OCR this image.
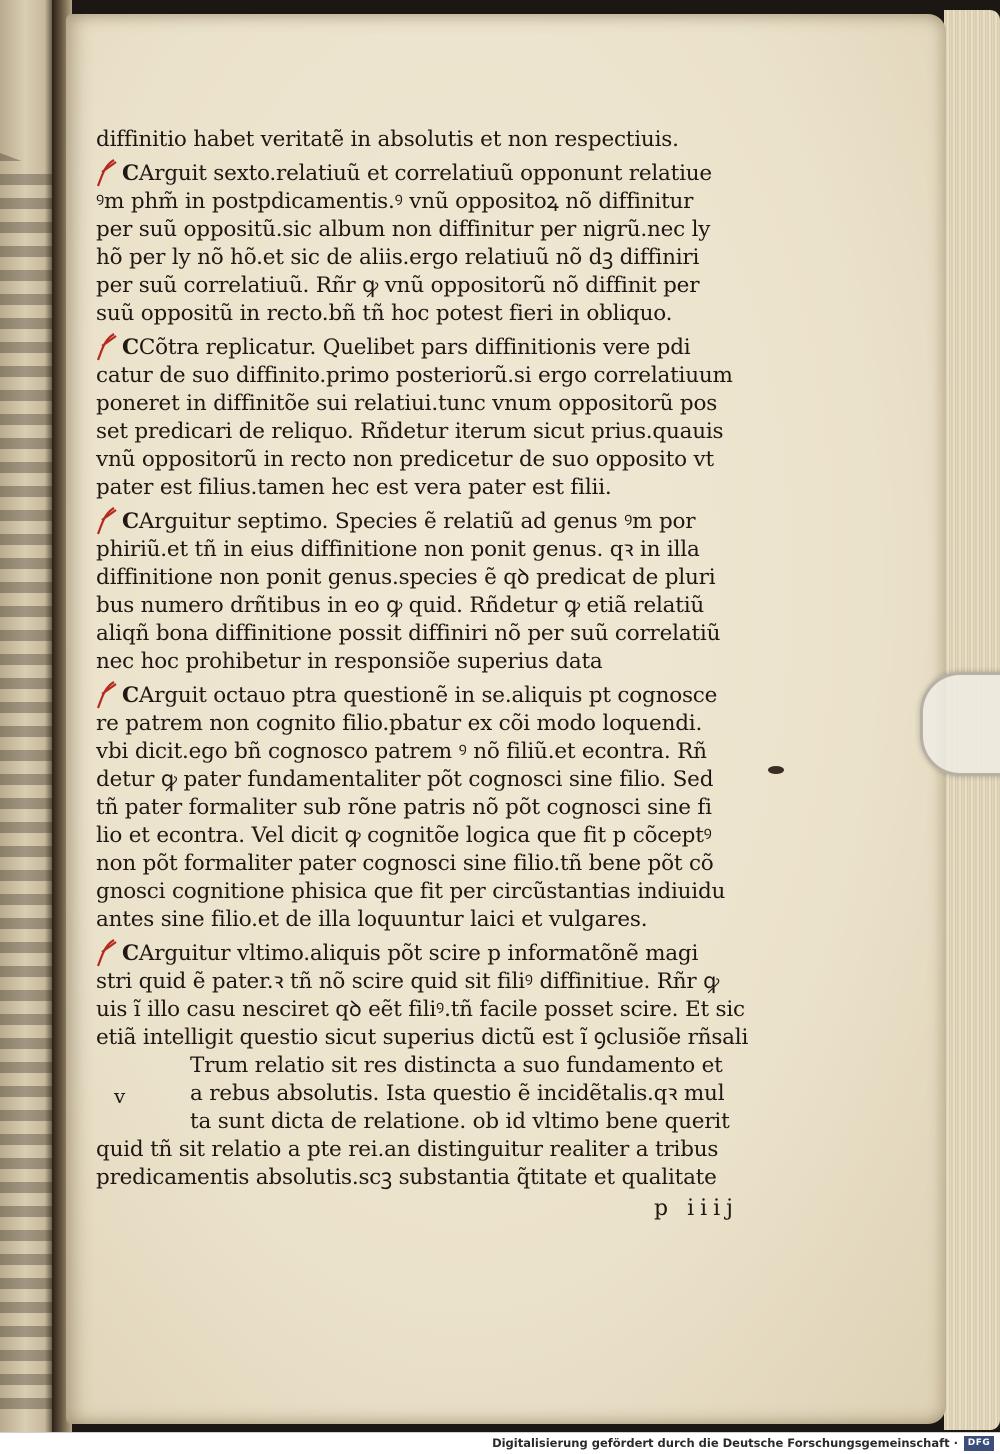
diffinitio habet veritatẽ in absolutis et non respectiuis.
CArguit sexto.relatiuũ et correlatiuũ opponunt relatiue
ꝰm phm̃ in postpdicamentis.ꝰ vnũ oppositoꝝ nõ diffinitur
per suũ oppositũ.sic album non diffinitur per nigrũ.nec ly
hõ per ly nõ hõ.et sic de aliis.ergo relatiuũ nõ dꝫ diffiniri
per suũ correlatiuũ. Rñr ꝙ vnũ oppositorũ nõ diffinit per
suũ oppositũ in recto.bñ tñ hoc potest fieri in obliquo.
CCõtra replicatur. Quelibet pars diffinitionis vere pdi
catur de suo diffinito.primo posteriorũ.si ergo correlatiuum
poneret in diffinitõe sui relatiui.tunc vnum oppositorũ pos
set predicari de reliquo. Rñdetur iterum sicut prius.quauis
vnũ oppositorũ in recto non predicetur de suo opposito vt
pater est filius.tamen hec est vera pater est filii.
CArguitur septimo. Species ẽ relatiũ ad genus ꝰm por
phiriũ.et tñ in eius diffinitione non ponit genus. qꝛ in illa
diffinitione non ponit genus.species ẽ qꝺ predicat de pluri
bus numero drñtibus in eo ꝙ quid. Rñdetur ꝙ etiã relatiũ
aliqñ bona diffinitione possit diffiniri nõ per suũ correlatiũ
nec hoc prohibetur in responsiõe superius data
CArguit octauo ptra questionẽ in se.aliquis pt cognosce
re patrem non cognito filio.pbatur ex cõi modo loquendi.
vbi dicit.ego bñ cognosco patrem ꝰ nõ filiũ.et econtra. Rñ
detur ꝙ pater fundamentaliter põt cognosci sine filio. Sed
tñ pater formaliter sub rõne patris nõ põt cognosci sine fi
lio et econtra. Vel dicit ꝙ cognitõe logica que fit p cõceptꝰ
non põt formaliter pater cognosci sine filio.tñ bene põt cõ
gnosci cognitione phisica que fit per circũstantias indiuidu
antes sine filio.et de illa loquuntur laici et vulgares.
CArguitur vltimo.aliquis põt scire p informatõnẽ magi
stri quid ẽ pater.ꝛ tñ nõ scire quid sit filiꝰ diffinitiue. Rñr ꝙ
uis ĩ illo casu nesciret qꝺ eẽt filiꝰ.tñ facile posset scire. Et sic
etiã intelligit questio sicut superius dictũ est ĩ ꝯclusiõe rñsali
Trum relatio sit res distincta a suo fundamento et
a rebus absolutis. Ista questio ẽ incidẽtalis.qꝛ mul
ta sunt dicta de relatione. ob id vltimo bene querit
quid tñ sit relatio a pte rei.an distinguitur realiter a tribus
predicamentis absolutis.scꝫ substantia q̃titate et qualitate
v
p iiij
Digitalisierung gefördert durch die Deutsche Forschungsgemeinschaft ·	DFG
